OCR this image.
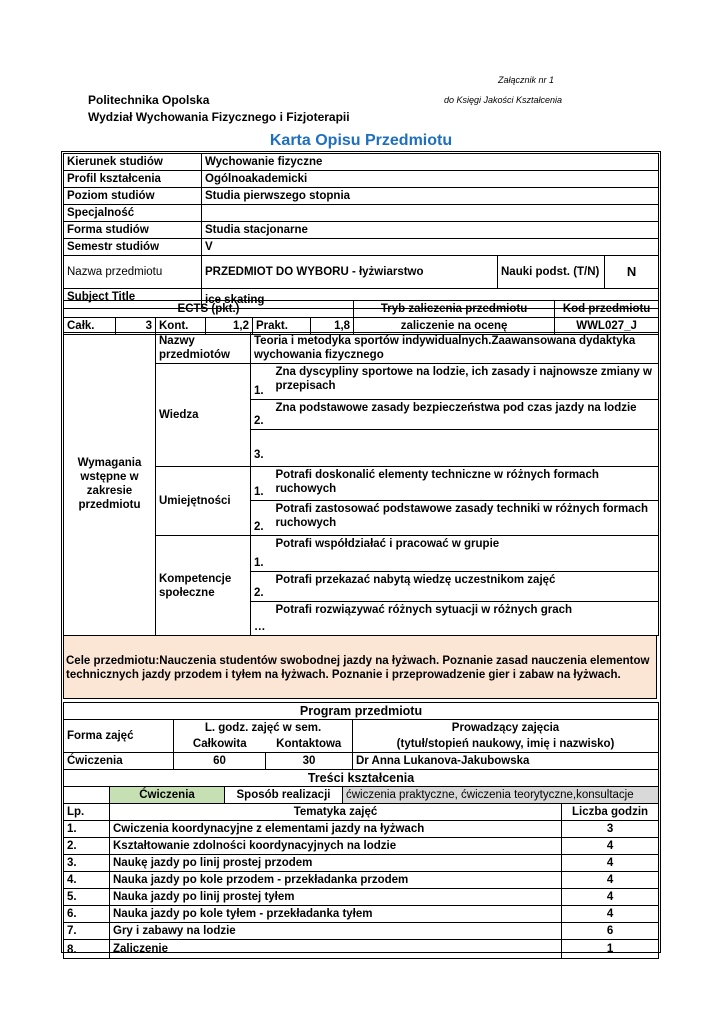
Załącznik nr 1
Politechnika Opolska	do Księgi Jakości Kształcenia
Wydział Wychowania Fizycznego i Fizjoterapii
Karta Opisu Przedmiotu
Kierunek studiów	Wychowanie fizyczne		
Profil kształcenia	Ogólnoakademicki		
Poziom studiów	Studia pierwszego stopnia		
Specjalność			
Forma studiów	Studia stacjonarne		
Semestr studiów	V		
Nazwa przedmiotu	PRZEDMIOT DO WYBORU - łyżwiarstwo	Nauki podst. (T/N)	N
Subject Title	ice skating		
ECTS (pkt.)						Tryb zaliczenia przedmiotu	Kod przedmiotu
Całk.	3	Kont.	1,2	Prakt.	1,8	zaliczenie na ocenę	WWL027_J
Wymagania wstępne w zakresie przedmiotu	Nazwy przedmiotów	Teoria i metodyka sportów indywidualnych.Zaawansowana dydaktyka wychowania fizycznego	
	Wiedza	1.	Zna dyscypliny sportowe na lodzie, ich zasady i najnowsze zmiany w przepisach
		2.	Zna podstawowe zasady bezpieczeństwa pod czas jazdy na lodzie
		3.	
	Umiejętności	1.	Potrafi doskonalić elementy techniczne w różnych formach ruchowych
		2.	Potrafi zastosować podstawowe zasady techniki w różnych formach ruchowych
	Kompetencje społeczne	1.	Potrafi współdziałać i pracować w grupie
		2.	Potrafi przekazać nabytą wiedzę uczestnikom zajęć
		…	Potrafi rozwiązywać różnych sytuacji w różnych grach
Cele przedmiotu:Nauczenia studentów swobodnej jazdy na łyżwach. Poznanie zasad nauczenia elementow technicznych jazdy przodem i tyłem na łyżwach. Poznanie i przeprowadzenie gier i zabaw na łyżwach.
Program przedmiotu			
Forma zajęć	L. godz. zajęć w sem.		Prowadzący zajęcia
	Całkowita	Kontaktowa	(tytuł/stopień naukowy, imię i nazwisko)
Ćwiczenia	60	30	Dr Anna Lukanova-Jakubowska
Treści kształcenia				
	Ćwiczenia	Sposób realizacji	ćwiczenia praktyczne, ćwiczenia teorytyczne,konsultacje	
Lp.	Tematyka zajęć			Liczba godzin
1.	Cwiczenia koordynacyjne z elementami jazdy na łyżwach			3
2.	Kształtowanie zdolności koordynacyjnych na lodzie			4
3.	Naukę jazdy po linij prostej przodem			4
4.	Nauka jazdy po kole przodem - przekładanka przodem			4
5.	Nauka jazdy po linij prostej tyłem			4
6.	Nauka jazdy po kole tyłem - przekładanka tyłem			4
7.	Gry i zabawy na lodzie			6
8.	Zaliczenie			1
